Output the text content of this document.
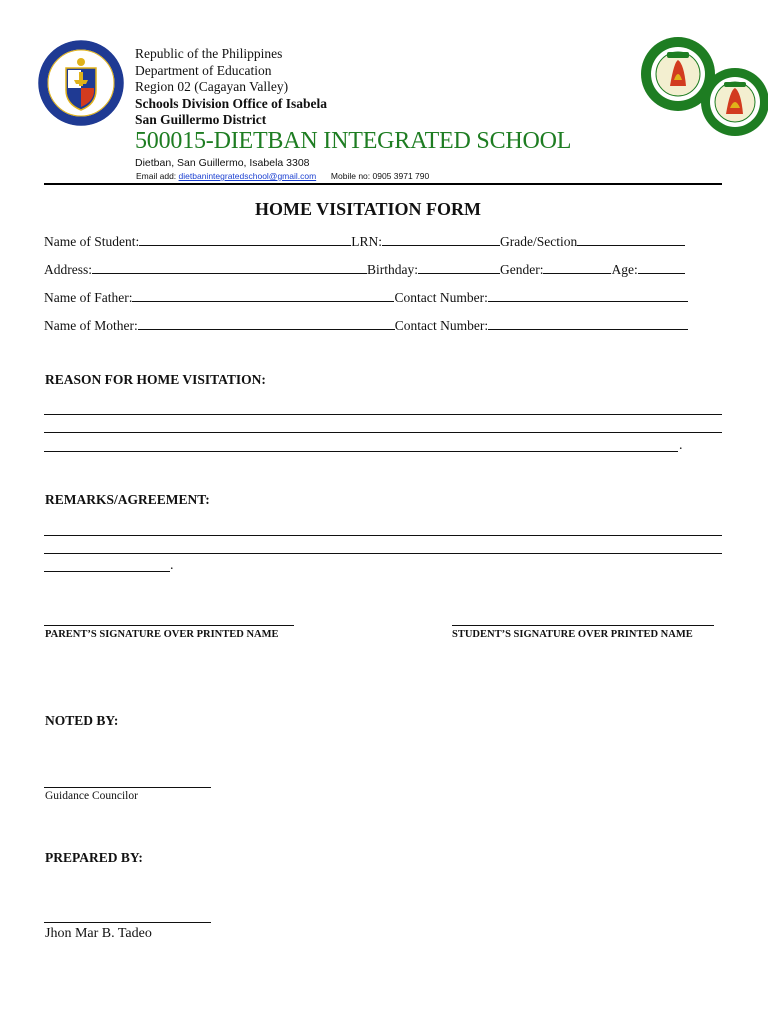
Republic of the Philippines
Department of Education
Region 02 (Cagayan Valley)
Schools Division Office of Isabela
San Guillermo District
500015-DIETBAN INTEGRATED SCHOOL
Dietban, San Guillermo, Isabela 3308
Email add: dietbanintegratedschool@gmail.com Mobile no: 0905 3971 790
HOME VISITATION FORM
Name of Student:	LRN:	Grade/Section
Address:	Birthday:	Gender:	Age:
Name of Father:	Contact Number:
Name of Mother:	Contact Number:
REASON FOR HOME VISITATION:
.
REMARKS/AGREEMENT:
.
PARENT’S SIGNATURE OVER PRINTED NAME	STUDENT’S SIGNATURE OVER PRINTED NAME
NOTED BY:
Guidance Councilor
PREPARED BY:
Jhon Mar B. Tadeo
